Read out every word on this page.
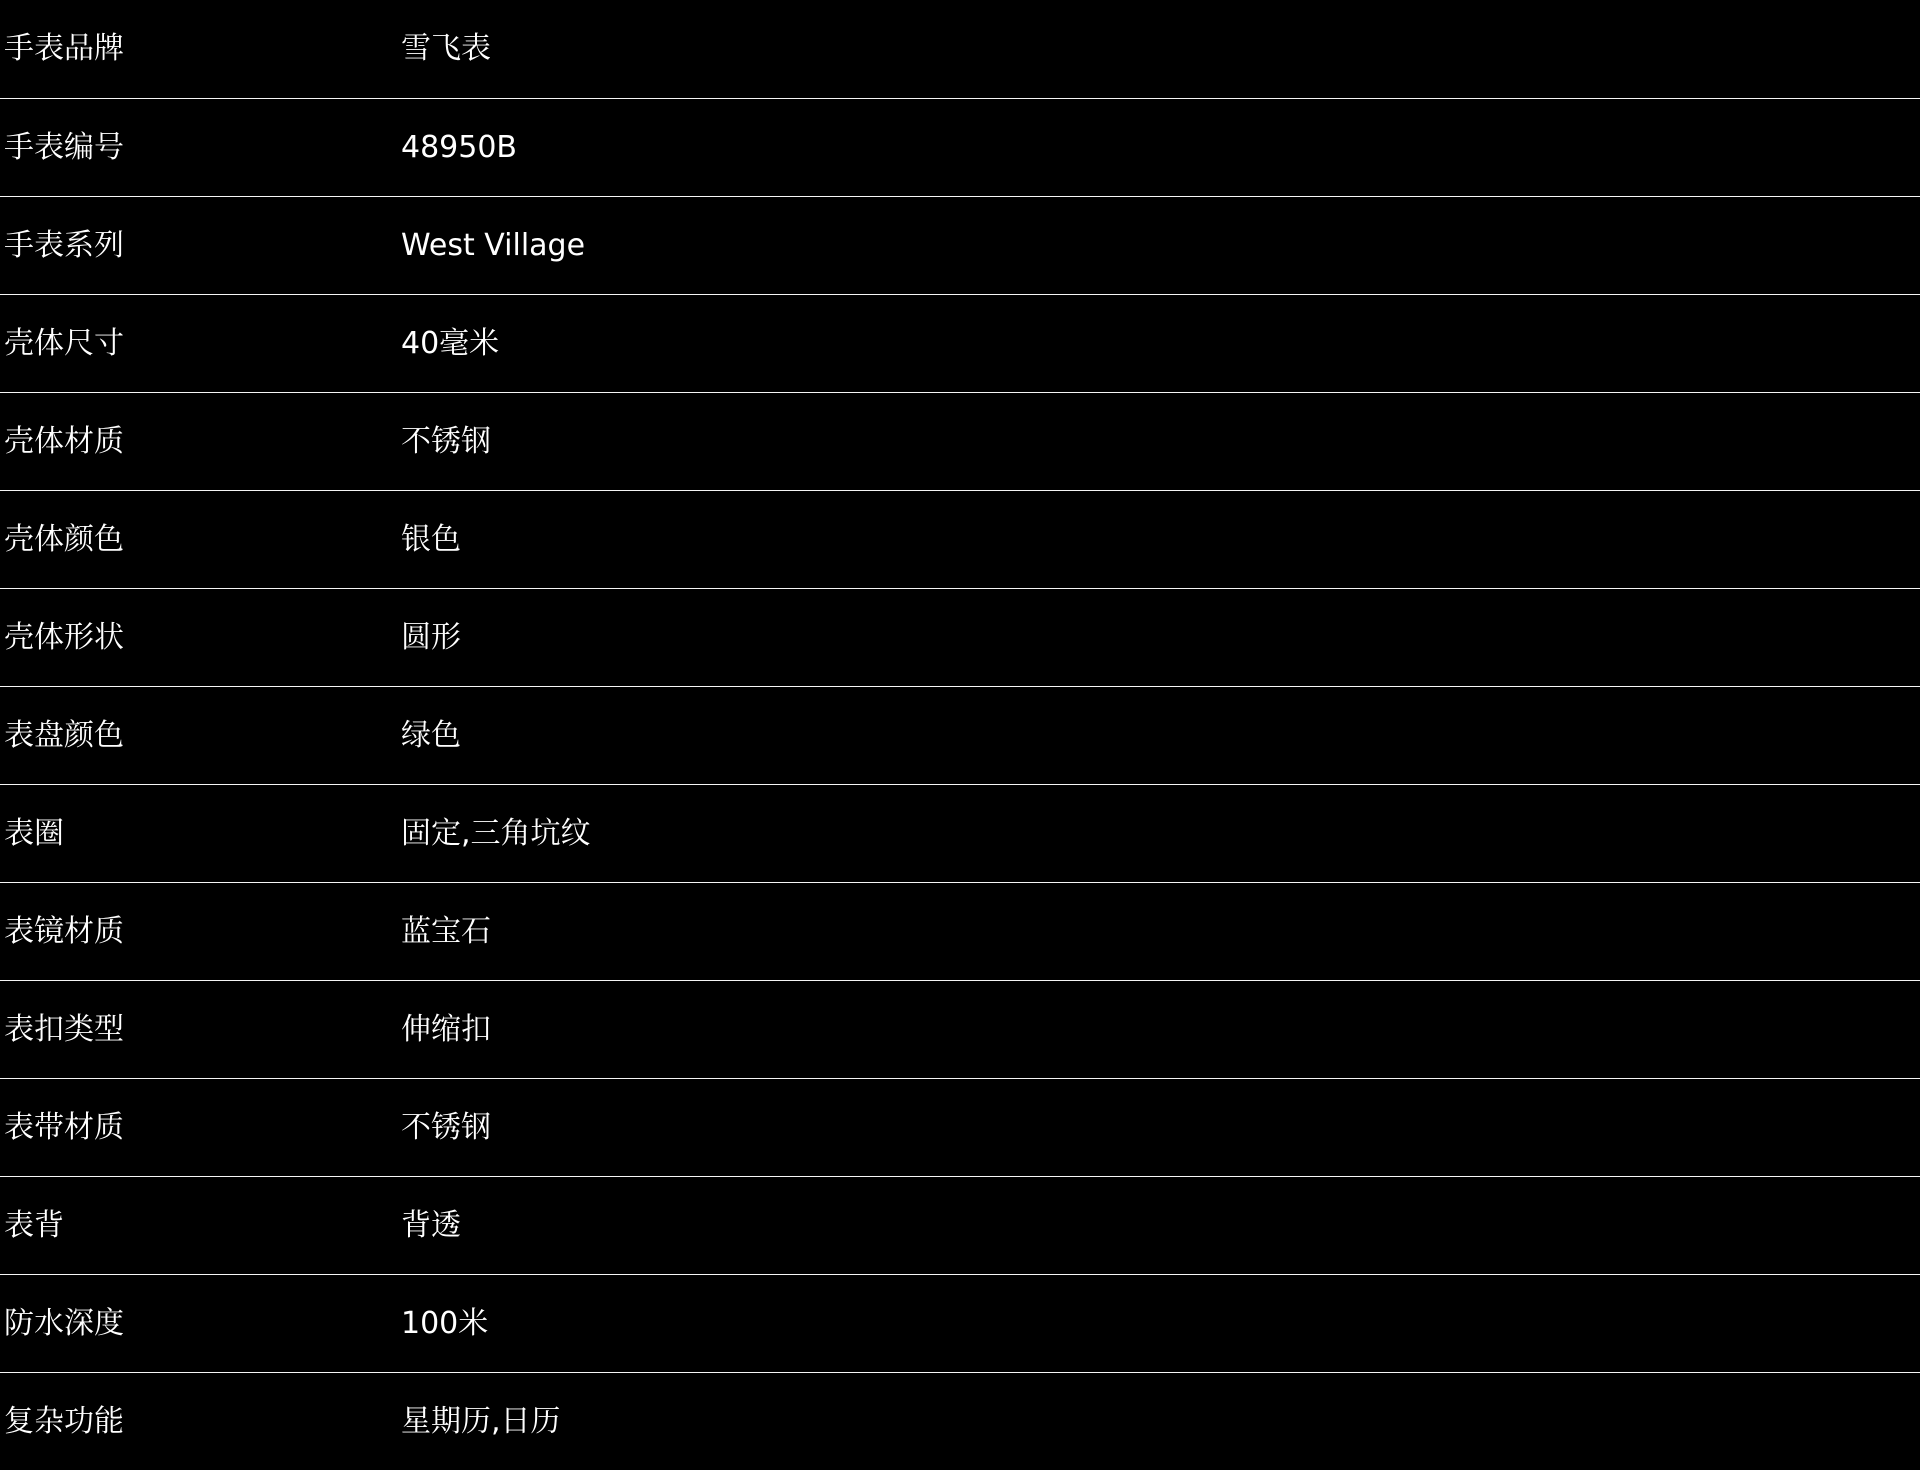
手表品牌	雪飞表
手表编号	48950B
手表系列	West Village
壳体尺寸	40毫米
壳体材质	不锈钢
壳体颜色	银色
壳体形状	圆形
表盘颜色	绿色
表圈	固定,三角坑纹
表镜材质	蓝宝石
表扣类型	伸缩扣
表带材质	不锈钢
表背	背透
防水深度	100米
复杂功能	星期历,日历
